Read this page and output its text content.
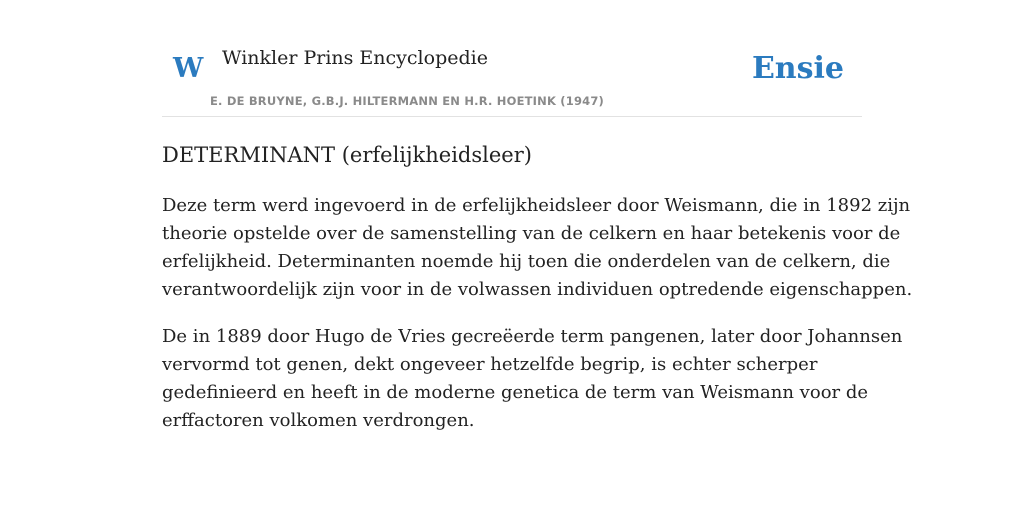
W Winkler Prins Encyclopedie
E. DE BRUYNE, G.B.J. HILTERMANN EN H.R. HOETINK (1947)
Ensie
DETERMINANT (erfelijkheidsleer)

Deze term werd ingevoerd in de erfelijkheidsleer door Weismann, die in 1892 zijn
theorie opstelde over de samenstelling van de celkern en haar betekenis voor de
erfelijkheid. Determinanten noemde hij toen die onderdelen van de celkern, die
verantwoordelijk zijn voor in de volwassen individuen optredende eigenschappen.

De in 1889 door Hugo de Vries gecreëerde term pangenen, later door Johannsen
vervormd tot genen, dekt ongeveer hetzelfde begrip, is echter scherper
gedefinieerd en heeft in de moderne genetica de term van Weismann voor de
erffactoren volkomen verdrongen.
